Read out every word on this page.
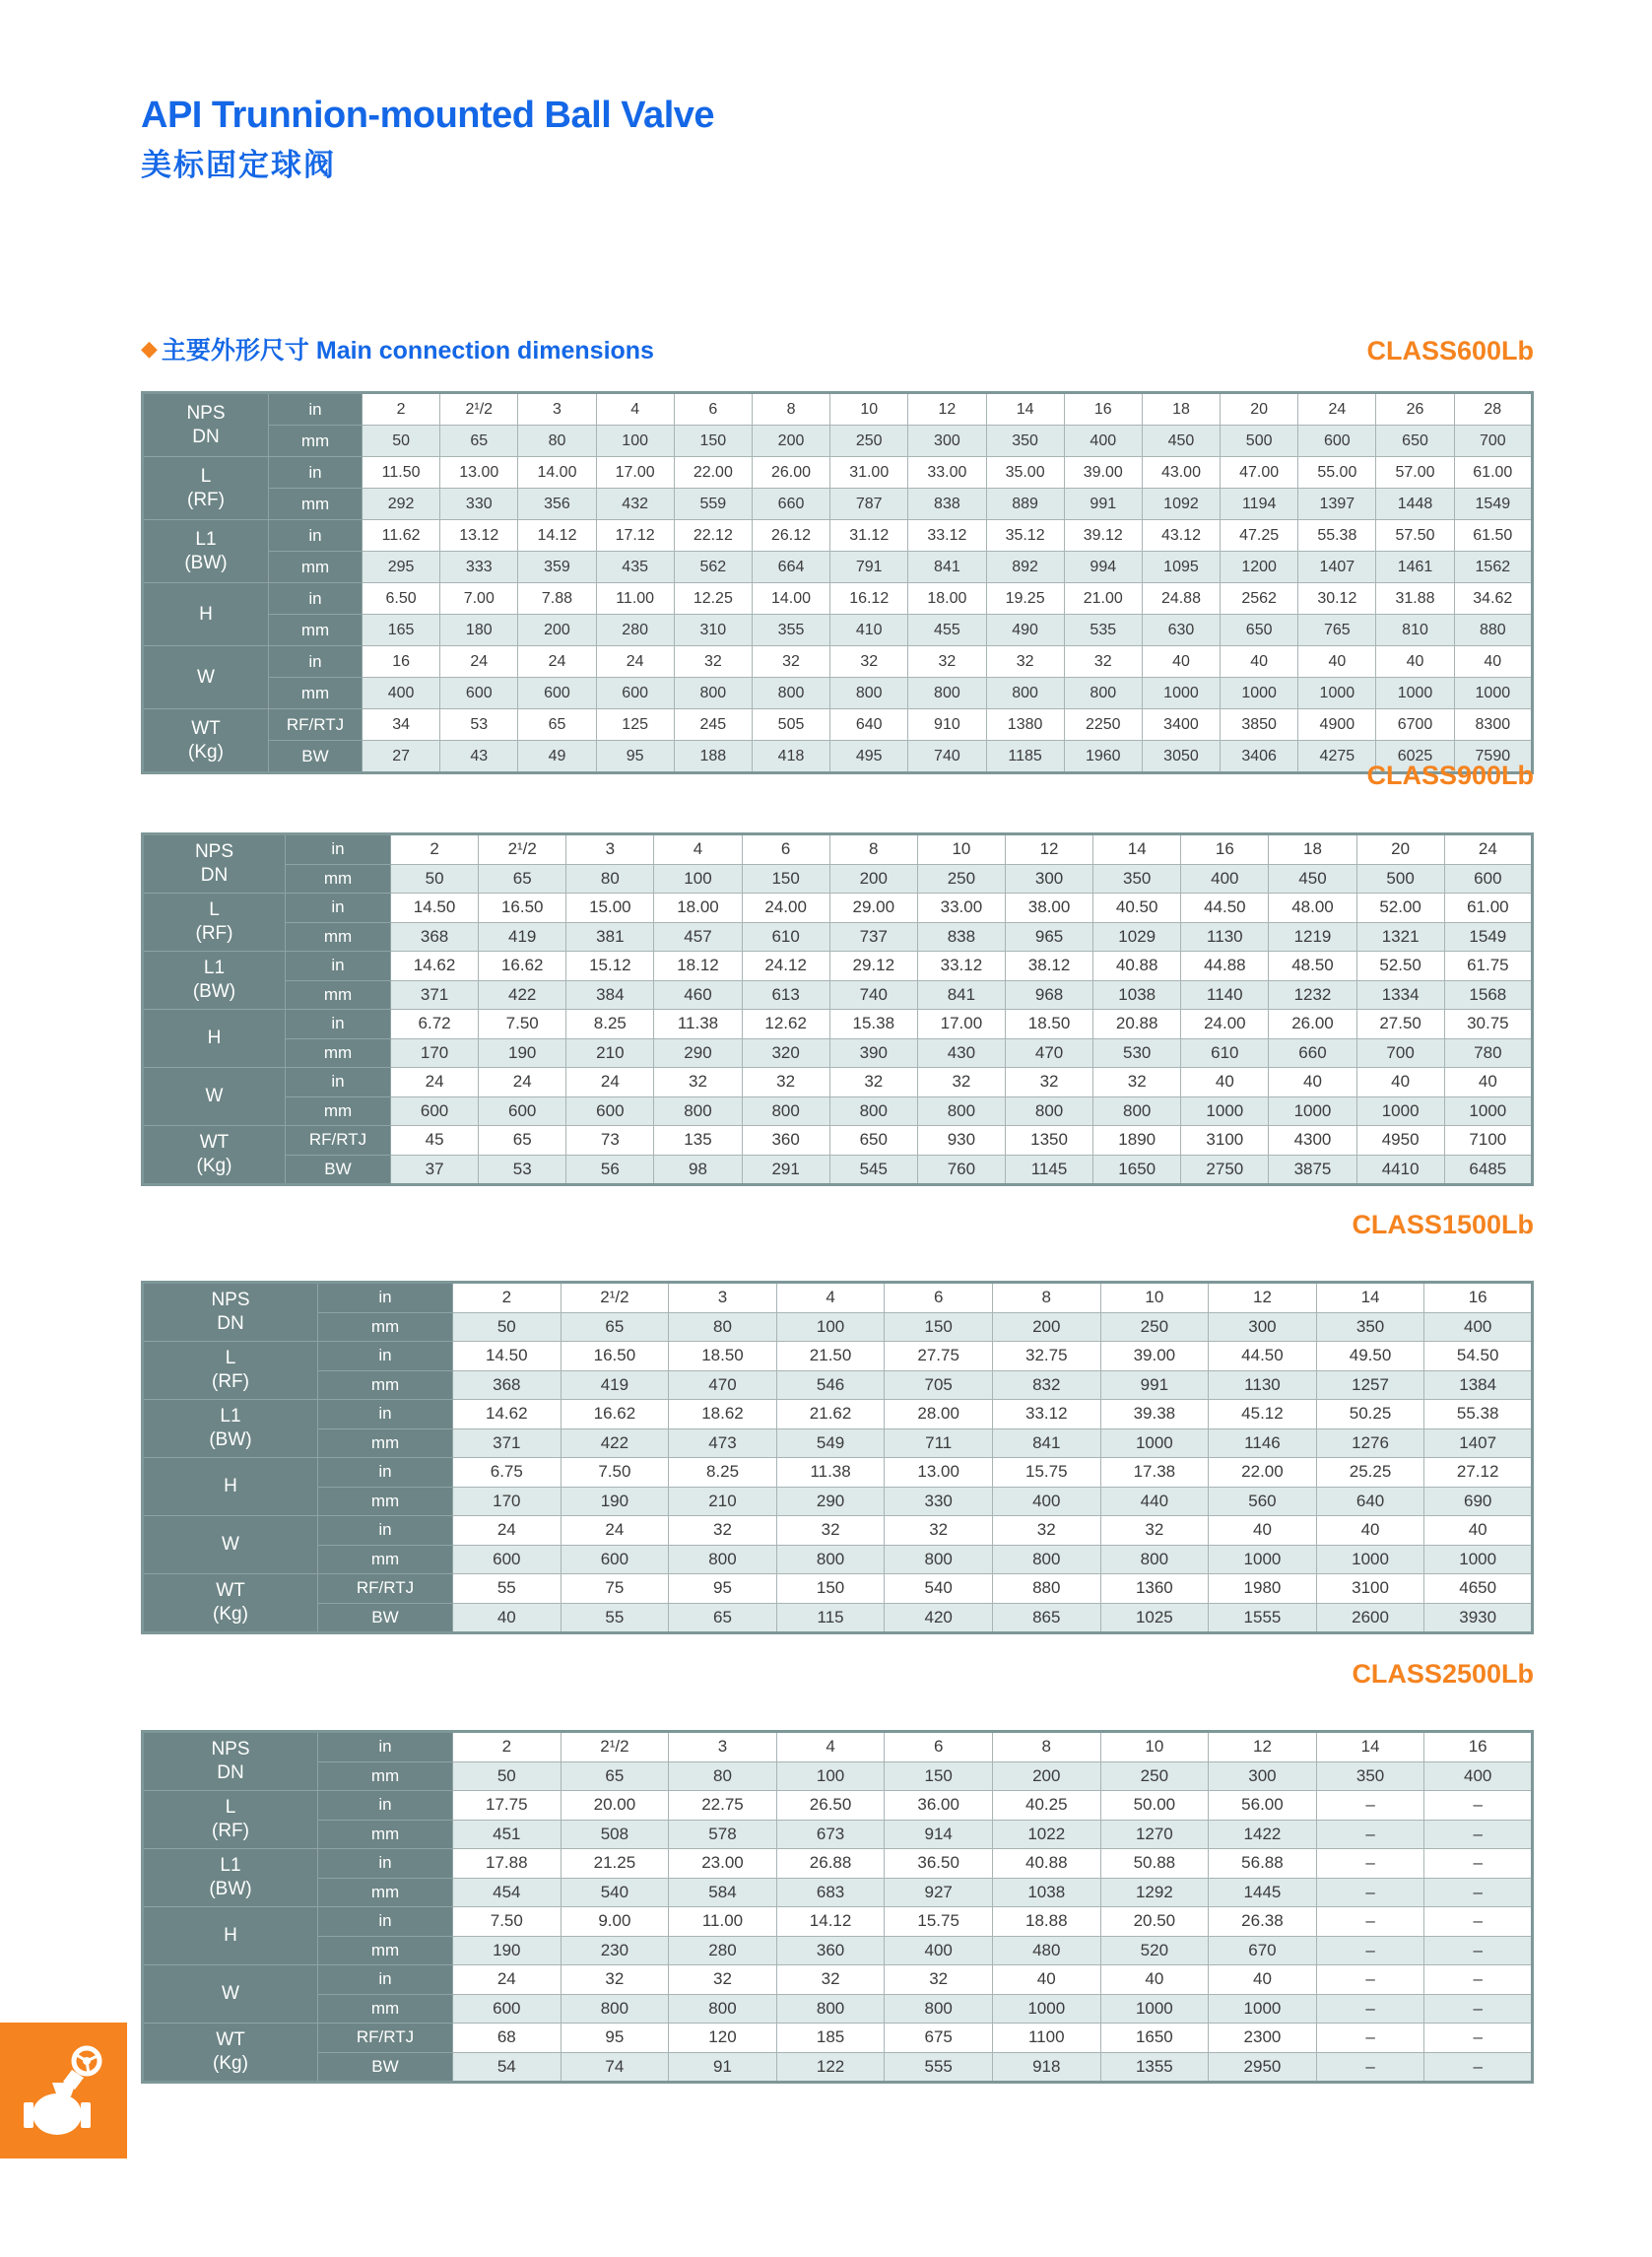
API Trunnion-mounted Ball Valve
美标固定球阀
◆ 主要外形尺寸 Main connection dimensions	CLASS600Lb
NPS
DN	in	2	2¹/2	3	4	6	8	10	12	14	16	18	20	24	26	28
	mm	50	65	80	100	150	200	250	300	350	400	450	500	600	650	700

L
(RF)	in	11.50	13.00	14.00	17.00	22.00	26.00	31.00	33.00	35.00	39.00	43.00	47.00	55.00	57.00	61.00
	mm	292	330	356	432	559	660	787	838	889	991	1092	1194	1397	1448	1549

L1
(BW)	in	11.62	13.12	14.12	17.12	22.12	26.12	31.12	33.12	35.12	39.12	43.12	47.25	55.38	57.50	61.50
	mm	295	333	359	435	562	664	791	841	892	994	1095	1200	1407	1461	1562

H	in	6.50	7.00	7.88	11.00	12.25	14.00	16.12	18.00	19.25	21.00	24.88	2562	30.12	31.88	34.62
	mm	165	180	200	280	310	355	410	455	490	535	630	650	765	810	880

W	in	16	24	24	24	32	32	32	32	32	32	40	40	40	40	40
	mm	400	600	600	600	800	800	800	800	800	800	1000	1000	1000	1000	1000

WT
(Kg)	RF/RTJ	34	53	65	125	245	505	640	910	1380	2250	3400	3850	4900	6700	8300
	BW	27	43	49	95	188	418	495	740	1185	1960	3050	3406	4275	6025	7590
CLASS900Lb
NPS
DN	in	2	2¹/2	3	4	6	8	10	12	14	16	18	20	24
	mm	50	65	80	100	150	200	250	300	350	400	450	500	600

L
(RF)	in	14.50	16.50	15.00	18.00	24.00	29.00	33.00	38.00	40.50	44.50	48.00	52.00	61.00
	mm	368	419	381	457	610	737	838	965	1029	1130	1219	1321	1549

L1
(BW)	in	14.62	16.62	15.12	18.12	24.12	29.12	33.12	38.12	40.88	44.88	48.50	52.50	61.75
	mm	371	422	384	460	613	740	841	968	1038	1140	1232	1334	1568

H	in	6.72	7.50	8.25	11.38	12.62	15.38	17.00	18.50	20.88	24.00	26.00	27.50	30.75
	mm	170	190	210	290	320	390	430	470	530	610	660	700	780

W	in	24	24	24	32	32	32	32	32	32	40	40	40	40
	mm	600	600	600	800	800	800	800	800	800	1000	1000	1000	1000

WT
(Kg)	RF/RTJ	45	65	73	135	360	650	930	1350	1890	3100	4300	4950	7100
	BW	37	53	56	98	291	545	760	1145	1650	2750	3875	4410	6485
CLASS1500Lb
NPS
DN	in	2	2¹/2	3	4	6	8	10	12	14	16
	mm	50	65	80	100	150	200	250	300	350	400

L
(RF)	in	14.50	16.50	18.50	21.50	27.75	32.75	39.00	44.50	49.50	54.50
	mm	368	419	470	546	705	832	991	1130	1257	1384

L1
(BW)	in	14.62	16.62	18.62	21.62	28.00	33.12	39.38	45.12	50.25	55.38
	mm	371	422	473	549	711	841	1000	1146	1276	1407

H	in	6.75	7.50	8.25	11.38	13.00	15.75	17.38	22.00	25.25	27.12
	mm	170	190	210	290	330	400	440	560	640	690

W	in	24	24	32	32	32	32	32	40	40	40
	mm	600	600	800	800	800	800	800	1000	1000	1000

WT
(Kg)	RF/RTJ	55	75	95	150	540	880	1360	1980	3100	4650
	BW	40	55	65	115	420	865	1025	1555	2600	3930
CLASS2500Lb
NPS
DN	in	2	2¹/2	3	4	6	8	10	12	14	16
	mm	50	65	80	100	150	200	250	300	350	400

L
(RF)	in	17.75	20.00	22.75	26.50	36.00	40.25	50.00	56.00	–	–
	mm	451	508	578	673	914	1022	1270	1422	–	–

L1
(BW)	in	17.88	21.25	23.00	26.88	36.50	40.88	50.88	56.88	–	–
	mm	454	540	584	683	927	1038	1292	1445	–	–

H	in	7.50	9.00	11.00	14.12	15.75	18.88	20.50	26.38	–	–
	mm	190	230	280	360	400	480	520	670	–	–

W	in	24	32	32	32	32	40	40	40	–	–
	mm	600	800	800	800	800	1000	1000	1000	–	–

WT
(Kg)	RF/RTJ	68	95	120	185	675	1100	1650	2300	–	–
	BW	54	74	91	122	555	918	1355	2950	–	–
